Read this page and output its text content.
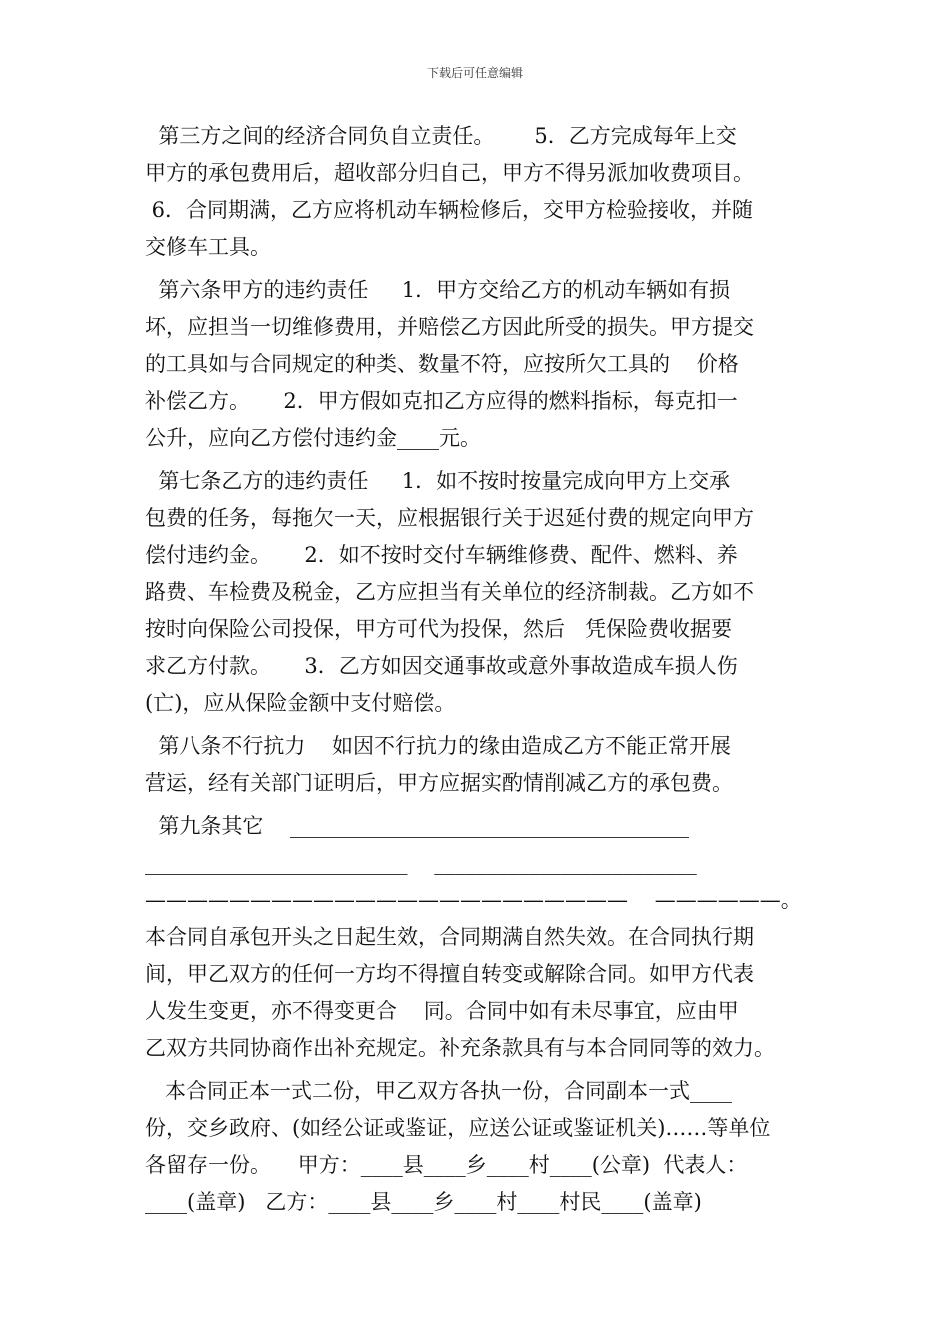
下载后可任意编辑
第三方之间的经济合同负自立责任。      5．乙方完成每年上交
甲方的承包费用后，超收部分归自己，甲方不得另派加收费项目。
6．合同期满，乙方应将机动车辆检修后，交甲方检验接收，并随
交修车工具。
第六条甲方的违约责任     1．甲方交给乙方的机动车辆如有损
坏，应担当一切维修费用，并赔偿乙方因此所受的损失。甲方提交
的工具如与合同规定的种类、数量不符，应按所欠工具的    价格
补偿乙方。     2．甲方假如克扣乙方应得的燃料指标，每克扣一
公升，应向乙方偿付违约金____元。
第七条乙方的违约责任     1．如不按时按量完成向甲方上交承
包费的任务，每拖欠一天，应根据银行关于迟延付费的规定向甲方
偿付违约金。     2．如不按时交付车辆维修费、配件、燃料、养
路费、车检费及税金，乙方应担当有关单位的经济制裁。乙方如不
按时向保险公司投保，甲方可代为投保，然后   凭保险费收据要
求乙方付款。     3．乙方如因交通事故或意外事故造成车损人伤
(亡)，应从保险金额中支付赔偿。
第八条不行抗力    如因不行抗力的缘由造成乙方不能正常开展
营运，经有关部门证明后，甲方应据实酌情削减乙方的承包费。
第九条其它    ______________________________________
_________________________    _________________________
———————————————————————    ——————。
本合同自承包开头之日起生效，合同期满自然失效。在合同执行期
间，甲乙双方的任何一方均不得擅自转变或解除合同。如甲方代表
人发生变更，亦不得变更合    同。合同中如有未尽事宜，应由甲
乙双方共同协商作出补充规定。补充条款具有与本合同同等的效力。
本合同正本一式二份，甲乙双方各执一份，合同副本一式____
份，交乡政府、(如经公证或鉴证，应送公证或鉴证机关)……等单位
各留存一份。    甲方：____县____乡____村____(公章)  代表人：
____(盖章)   乙方：____县____乡____村____村民____(盖章)
